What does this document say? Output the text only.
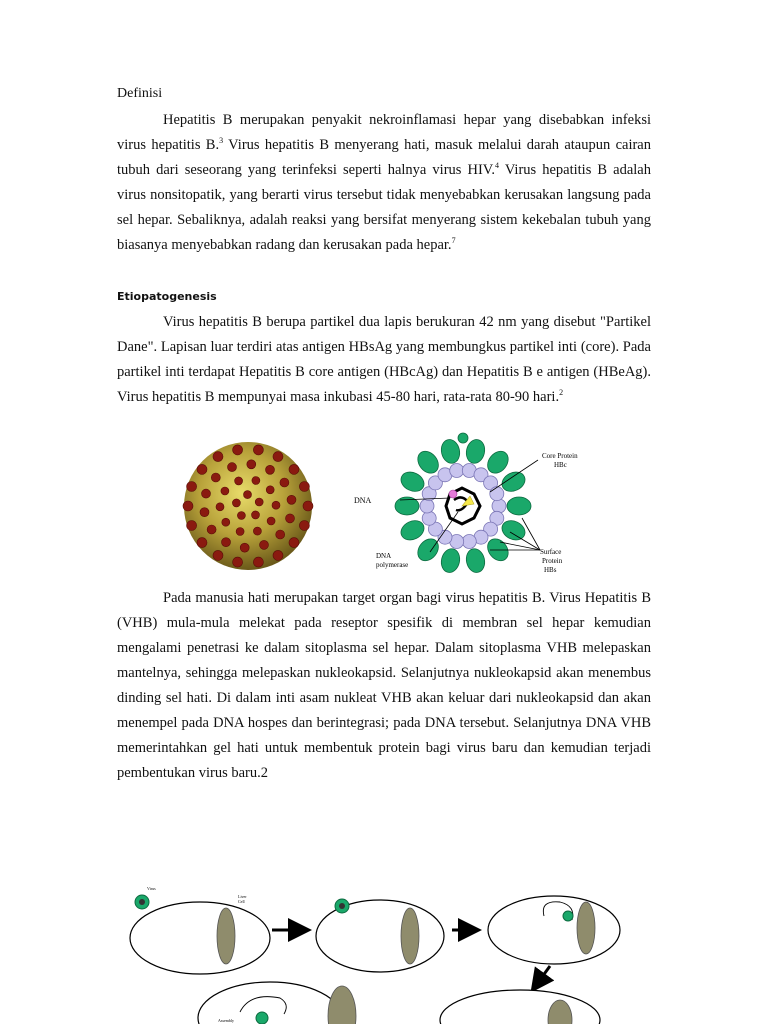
Definisi
Hepatitis B merupakan penyakit nekroinflamasi hepar yang disebabkan infeksi virus hepatitis B.$^3$ Virus hepatitis B menyerang hati, masuk melalui darah ataupun cairan tubuh dari seseorang yang terinfeksi seperti halnya virus HIV.$^4$ Virus hepatitis B adalah virus nonsitopatik, yang berarti virus tersebut tidak menyebabkan kerusakan langsung pada sel hepar. Sebaliknya, adalah reaksi yang bersifat menyerang sistem kekebalan tubuh yang biasanya menyebabkan radang dan kerusakan pada hepar.$^7$
Etiopatogenesis
Virus hepatitis B berupa partikel dua lapis berukuran 42 nm yang disebut "Partikel Dane". Lapisan luar terdiri atas antigen HBsAg yang membungkus partikel inti (core). Pada partikel inti terdapat Hepatitis B core antigen (HBcAg) dan Hepatitis B e antigen (HBeAg). Virus hepatitis B mempunyai masa inkubasi 45-80 hari, rata-rata 80-90 hari.$^2$
Core Protein
HBc
DNA
DNA
polymerase
Surface
Protein
HBs
Pada manusia hati merupakan target organ bagi virus hepatitis B. Virus Hepatitis B (VHB) mula-mula melekat pada reseptor spesifik di membran sel hepar kemudian mengalami penetrasi ke dalam sitoplasma sel hepar. Dalam sitoplasma VHB melepaskan mantelnya, sehingga melepaskan nukleokapsid. Selanjutnya nukleokapsid akan menembus dinding sel hati. Di dalam inti asam nukleat VHB akan keluar dari nukleokapsid dan akan menempel pada DNA hospes dan berintegrasi; pada DNA tersebut. Selanjutnya DNA VHB memerintahkan gel hati untuk membentuk protein bagi virus baru dan kemudian terjadi pembentukan virus baru.2
Virus
Liver
Cell
Assembly
